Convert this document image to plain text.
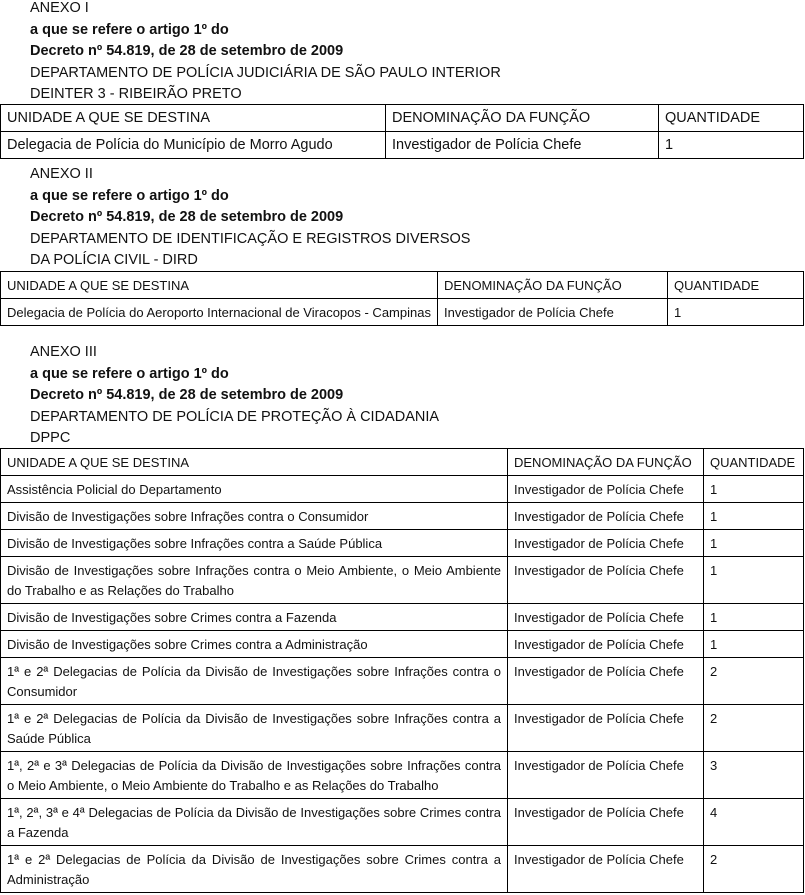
ANEXO I
a que se refere o artigo 1º do
Decreto nº 54.819, de 28 de setembro de 2009
DEPARTAMENTO DE POLÍCIA JUDICIÁRIA DE SÃO PAULO INTERIOR
DEINTER 3 - RIBEIRÃO PRETO
UNIDADE A QUE SE DESTINA	DENOMINAÇÃO DA FUNÇÃO	QUANTIDADE
Delegacia de Polícia do Município de Morro Agudo	Investigador de Polícia Chefe	1
ANEXO II
a que se refere o artigo 1º do
Decreto nº 54.819, de 28 de setembro de 2009
DEPARTAMENTO DE IDENTIFICAÇÃO E REGISTROS DIVERSOS
DA POLÍCIA CIVIL - DIRD
UNIDADE A QUE SE DESTINA	DENOMINAÇÃO DA FUNÇÃO	QUANTIDADE
Delegacia de Polícia do Aeroporto Internacional de Viracopos - Campinas	Investigador de Polícia Chefe	1
ANEXO III
a que se refere o artigo 1º do
Decreto nº 54.819, de 28 de setembro de 2009
DEPARTAMENTO DE POLÍCIA DE PROTEÇÃO À CIDADANIA
DPPC
UNIDADE A QUE SE DESTINA	DENOMINAÇÃO DA FUNÇÃO	QUANTIDADE
Assistência Policial do Departamento	Investigador de Polícia Chefe	1
Divisão de Investigações sobre Infrações contra o Consumidor	Investigador de Polícia Chefe	1
Divisão de Investigações sobre Infrações contra a Saúde Pública	Investigador de Polícia Chefe	1
Divisão de Investigações sobre Infrações contra o Meio Ambiente, o Meio Ambiente do Trabalho e as Relações do Trabalho	Investigador de Polícia Chefe	1
Divisão de Investigações sobre Crimes contra a Fazenda	Investigador de Polícia Chefe	1
Divisão de Investigações sobre Crimes contra a Administração	Investigador de Polícia Chefe	1
1ª e 2ª Delegacias de Polícia da Divisão de Investigações sobre Infrações contra o Consumidor	Investigador de Polícia Chefe	2
1ª e 2ª Delegacias de Polícia da Divisão de Investigações sobre Infrações contra a Saúde Pública	Investigador de Polícia Chefe	2
1ª, 2ª e 3ª Delegacias de Polícia da Divisão de Investigações sobre Infrações contra o Meio Ambiente, o Meio Ambiente do Trabalho e as Relações do Trabalho	Investigador de Polícia Chefe	3
1ª, 2ª, 3ª e 4ª Delegacias de Polícia da Divisão de Investigações sobre Crimes contra a Fazenda	Investigador de Polícia Chefe	4
1ª e 2ª Delegacias de Polícia da Divisão de Investigações sobre Crimes contra a Administração	Investigador de Polícia Chefe	2
